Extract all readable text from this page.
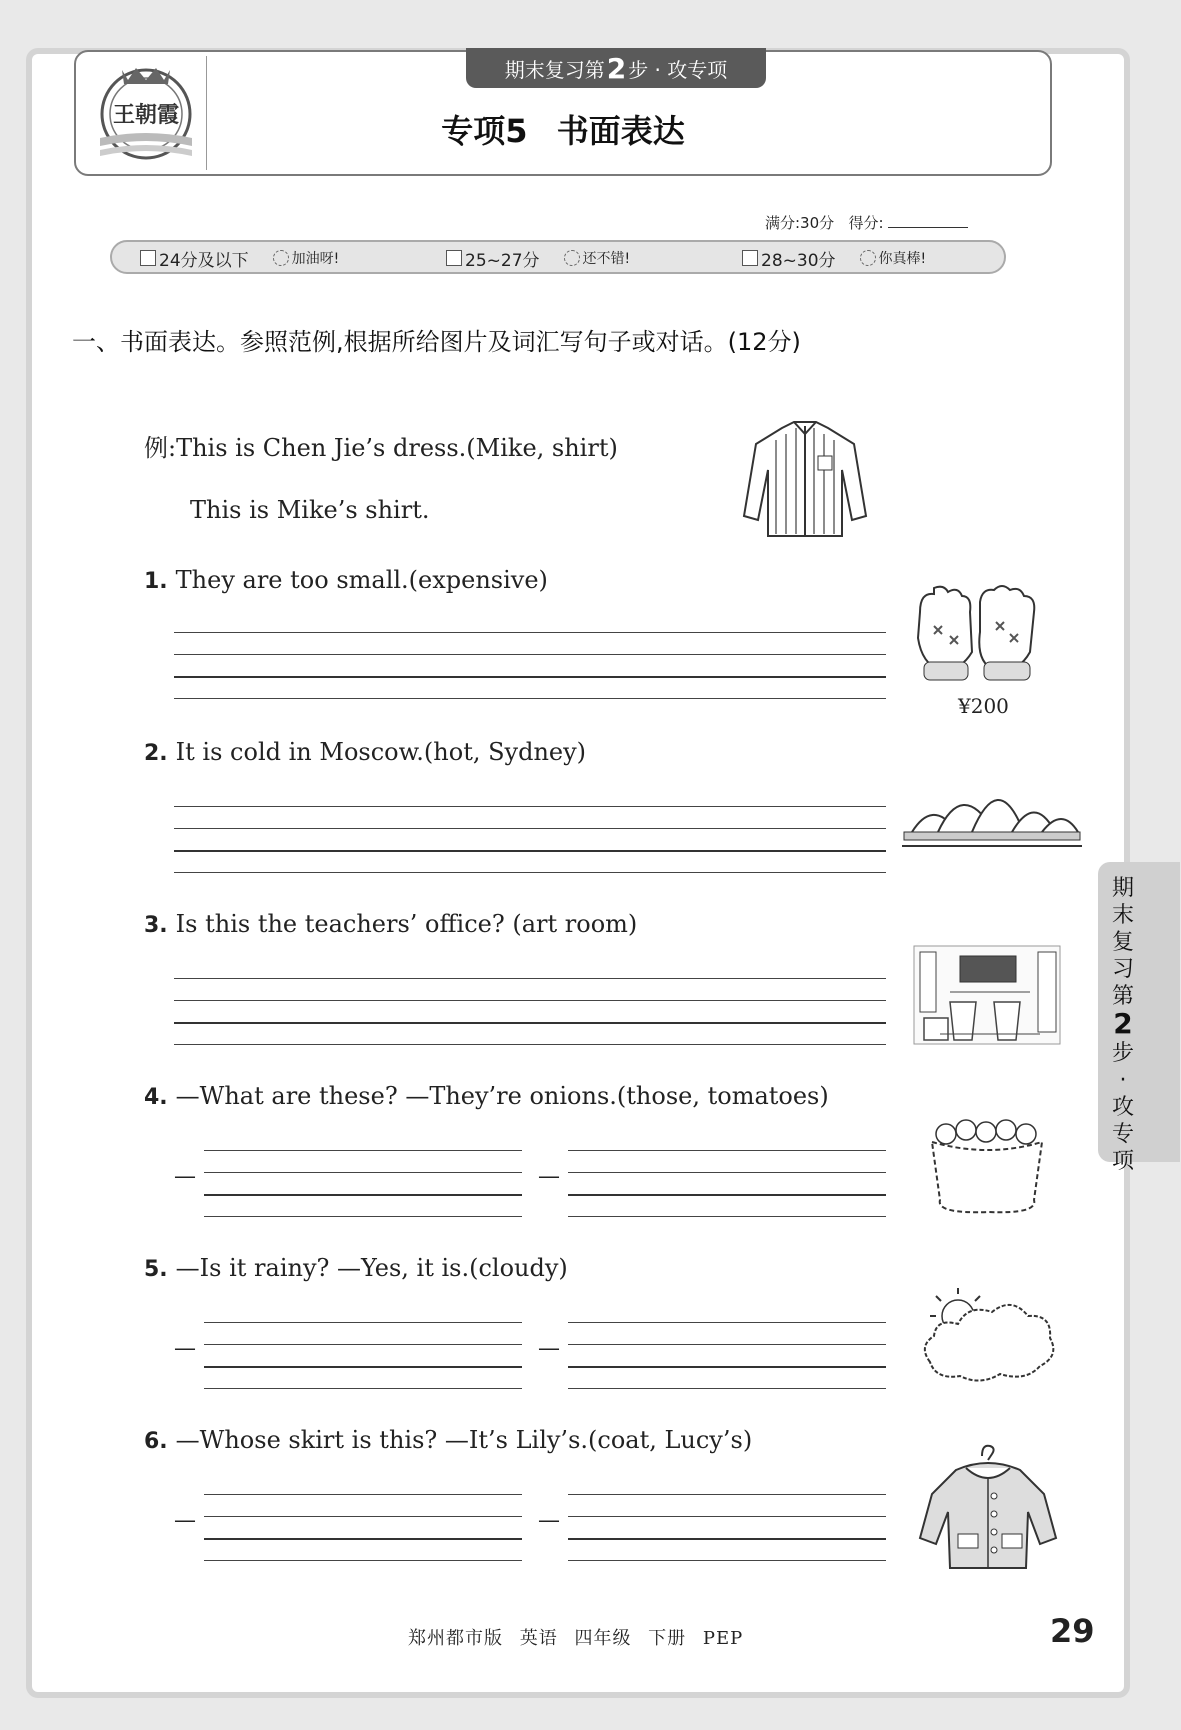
王朝霞
期末复习第 2 步 · 攻专项
专项5 书面表达
满分:30分 得分:
24分及以下	加油呀!	25~27分	还不错!	28~30分	你真棒!
一、书面表达。参照范例,根据所给图片及词汇写句子或对话。(12分)
例:This is Chen Jie’s dress.(Mike, shirt)
This is Mike’s shirt.
1. They are too small.(expensive)
¥200
2. It is cold in Moscow.(hot, Sydney)
3. Is this the teachers’ office? (art room)
4. —What are these? —They’re onions.(those, tomatoes)
—	—
5. —Is it rainy? —Yes, it is.(cloudy)
—	—
6. —Whose skirt is this? —It’s Lily’s.(coat, Lucy’s)
—	—
期
末
复
习
第
2
步
·
攻
专
项
郑州都市版 英语 四年级 下册 PEP	29
